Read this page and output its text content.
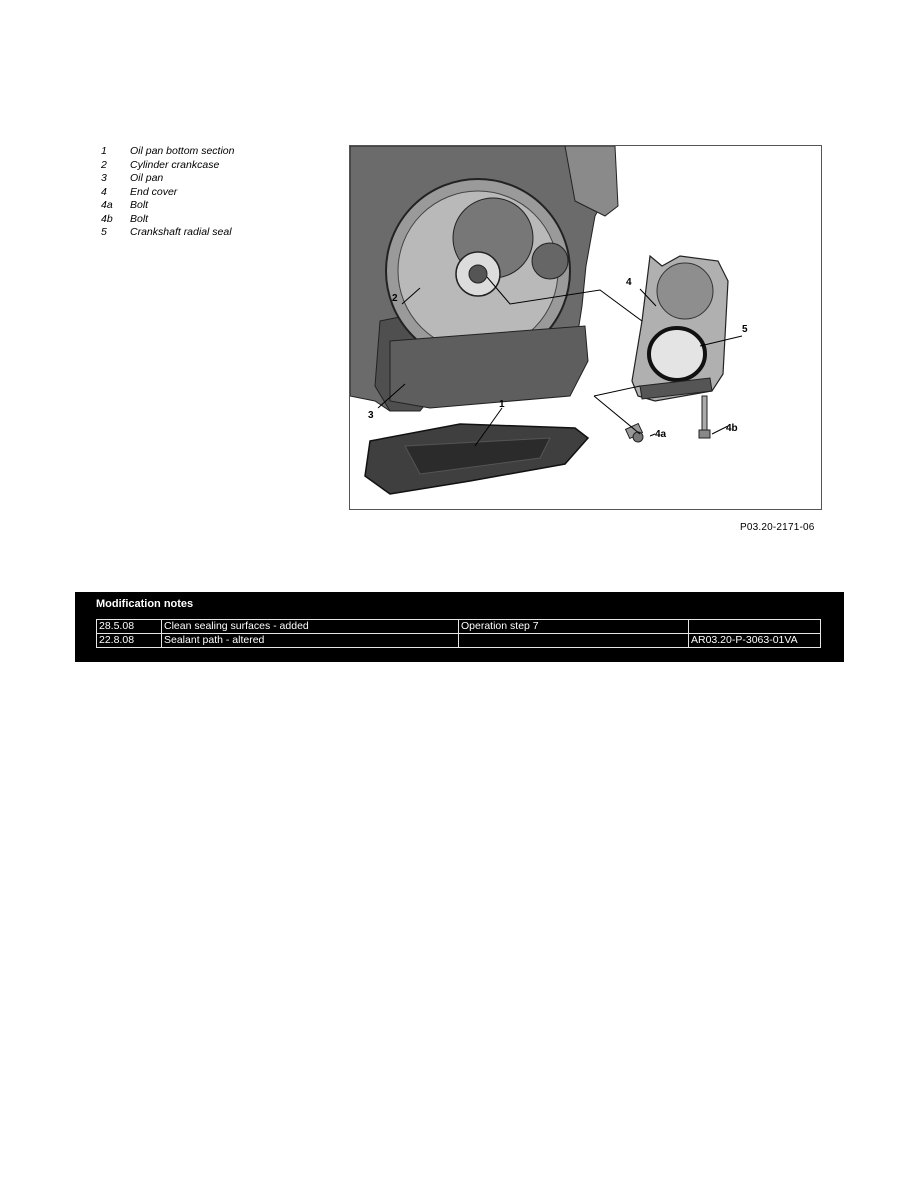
1	Oil pan bottom section
2	Cylinder crankcase
3	Oil pan
4	End cover
4a	Bolt
4b	Bolt
5	Crankshaft radial seal
1
2
3
4
4a
4b
5
P03.20-2171-06
Modification notes
28.5.08	Clean sealing surfaces - added	Operation step 7	
22.8.08	Sealant path - altered		AR03.20-P-3063-01VA
